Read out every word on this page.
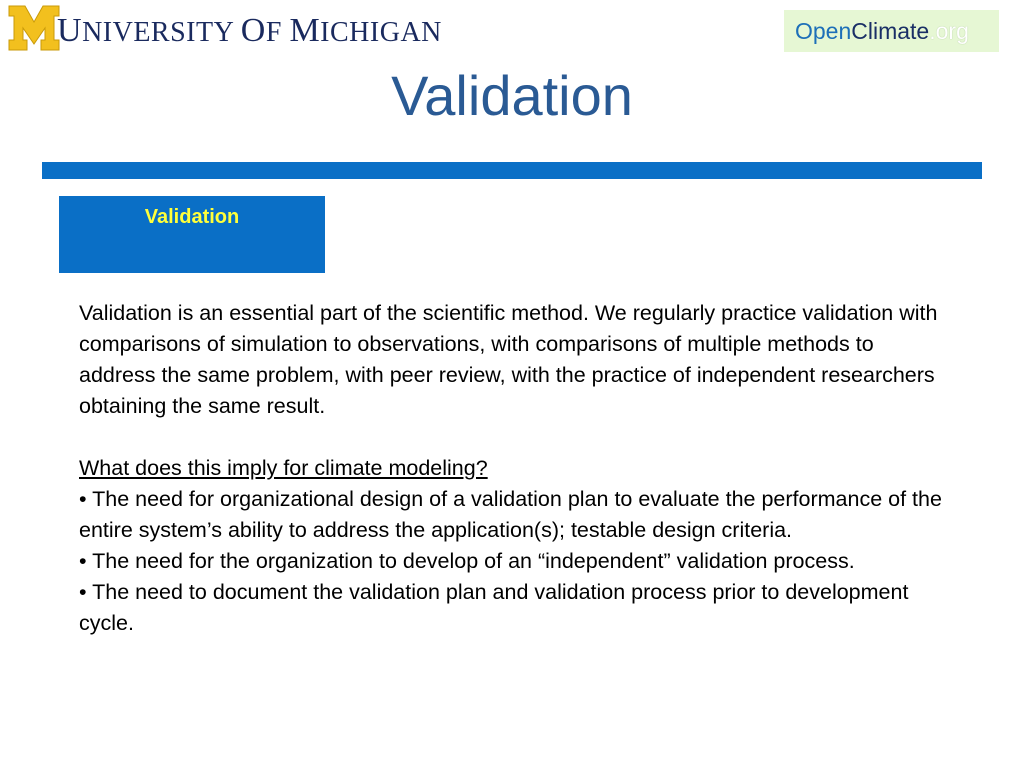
UNIVERSITY OF MICHIGAN	Open Climate .org
Validation
Validation

Validation is an essential part of the scientific method. We regularly practice validation with comparisons of simulation to observations, with comparisons of multiple methods to address the same problem, with peer review, with the practice of independent researchers obtaining the same result.

What does this imply for climate modeling?

• The need for organizational design of a validation plan to evaluate the performance of the entire system’s ability to address the application(s); testable design criteria.

• The need for the organization to develop of an “independent” validation process.

• The need to document the validation plan and validation process prior to development cycle.
